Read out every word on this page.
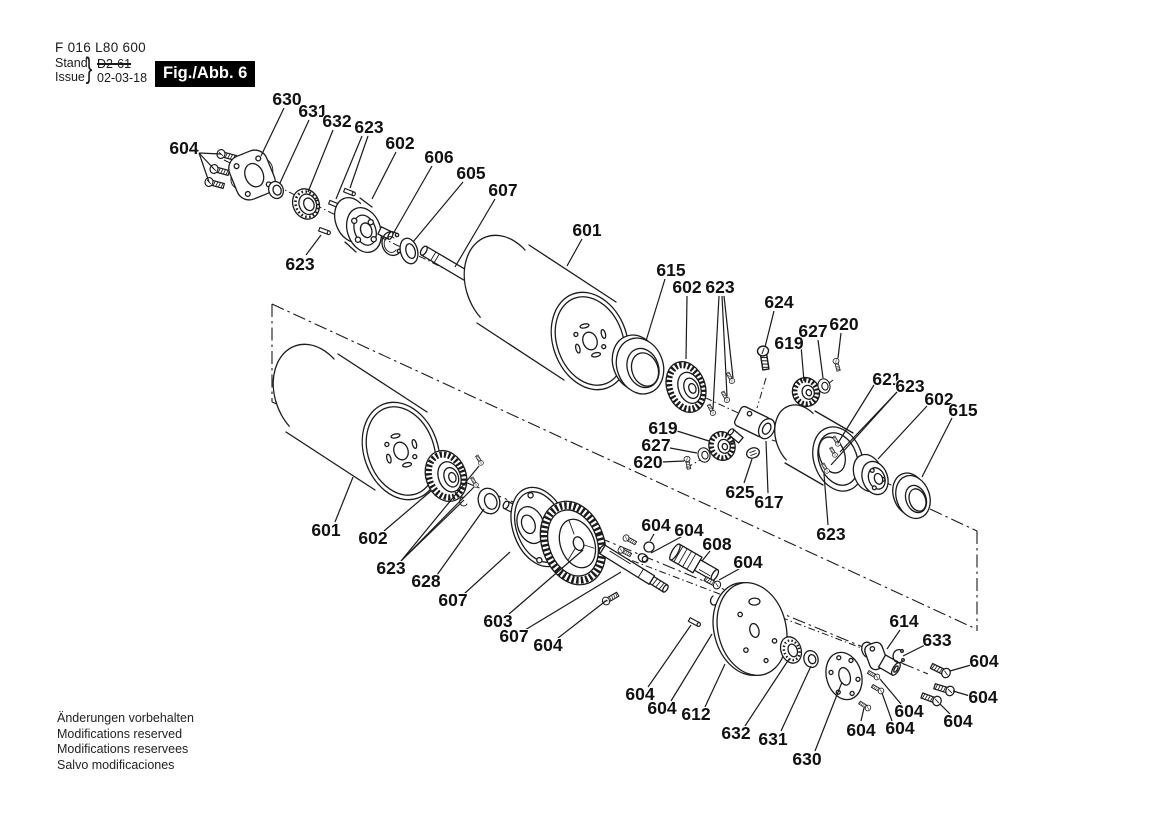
F 016 L80 600
Stand
Issue } D2-61
02-03-18 Fig./Abb. 6
604
630
631
632 623
602
606
605
607
623
601
615
602 623
624
619
627 620
621
623
602
615
619
627
620
625 617
623
601 602
623
628
607
603
607 604
604 604
608
604
604
604 612
632 631
630
614
633
604
604
604
604
604
604
Änderungen vorbehalten
Modifications reserved
Modifications reservees
Salvo modificaciones
